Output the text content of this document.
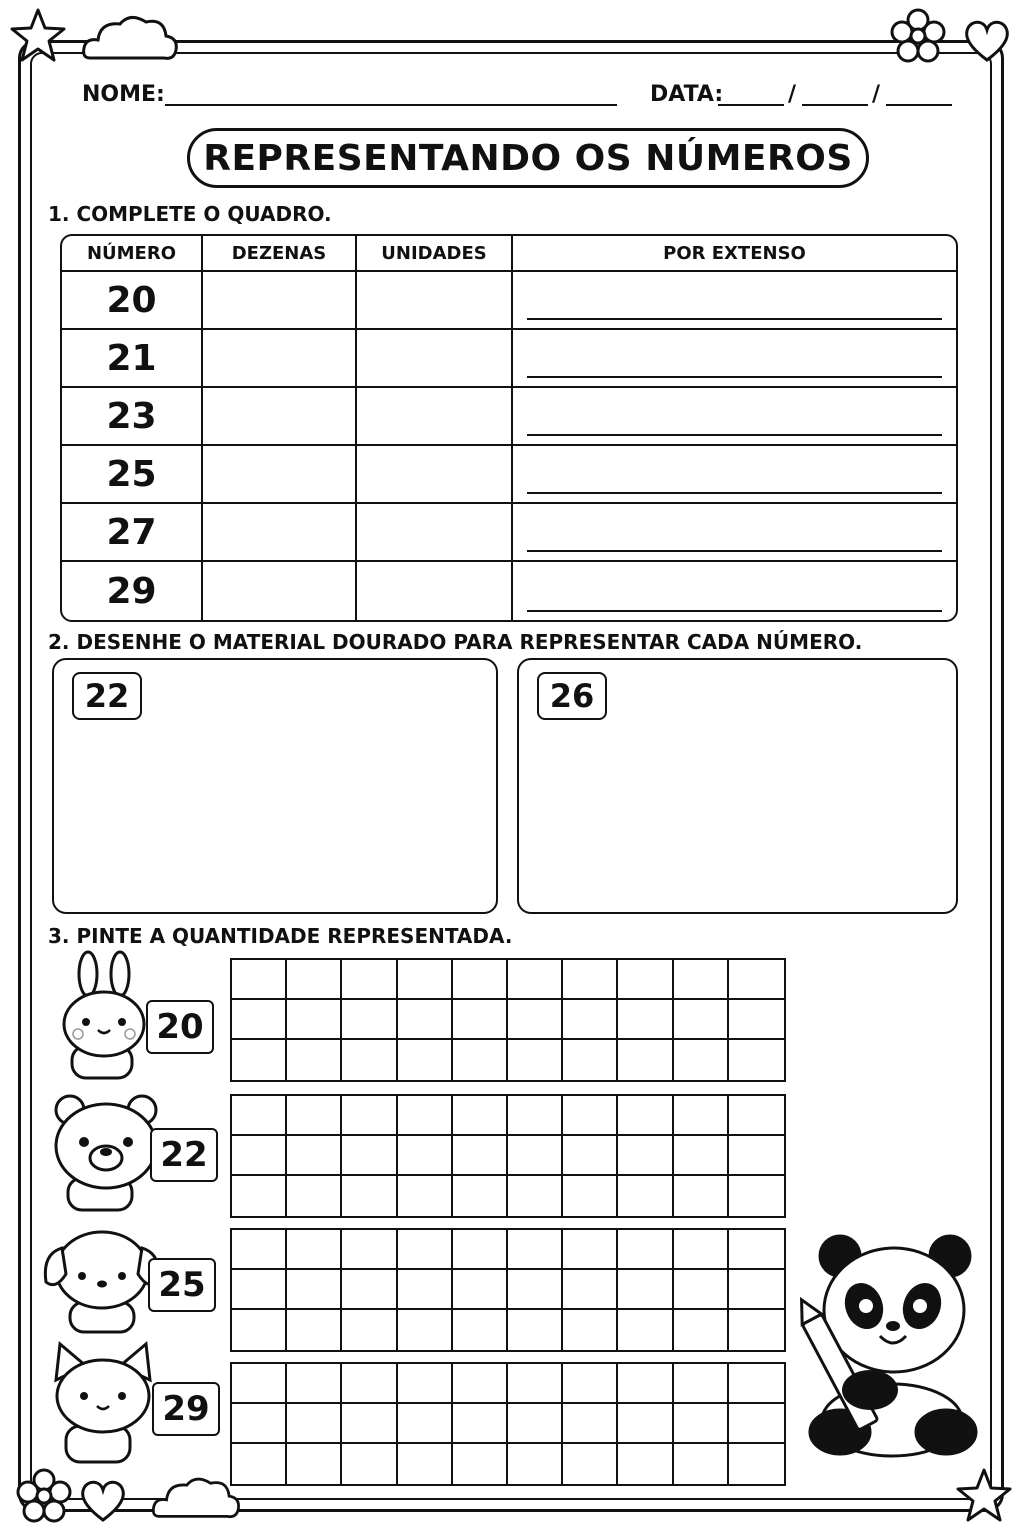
NOME:	DATA:	/	/
REPRESENTANDO OS NÚMEROS
1. COMPLETE O QUADRO.
NÚMERO	DEZENAS	UNIDADES	POR EXTENSO
20			

21			

23			

25			

27			

29			
2. DESENHE O MATERIAL DOURADO PARA REPRESENTAR CADA NÚMERO.
22	26
3. PINTE A QUANTIDADE REPRESENTADA.
20
22
25
29
